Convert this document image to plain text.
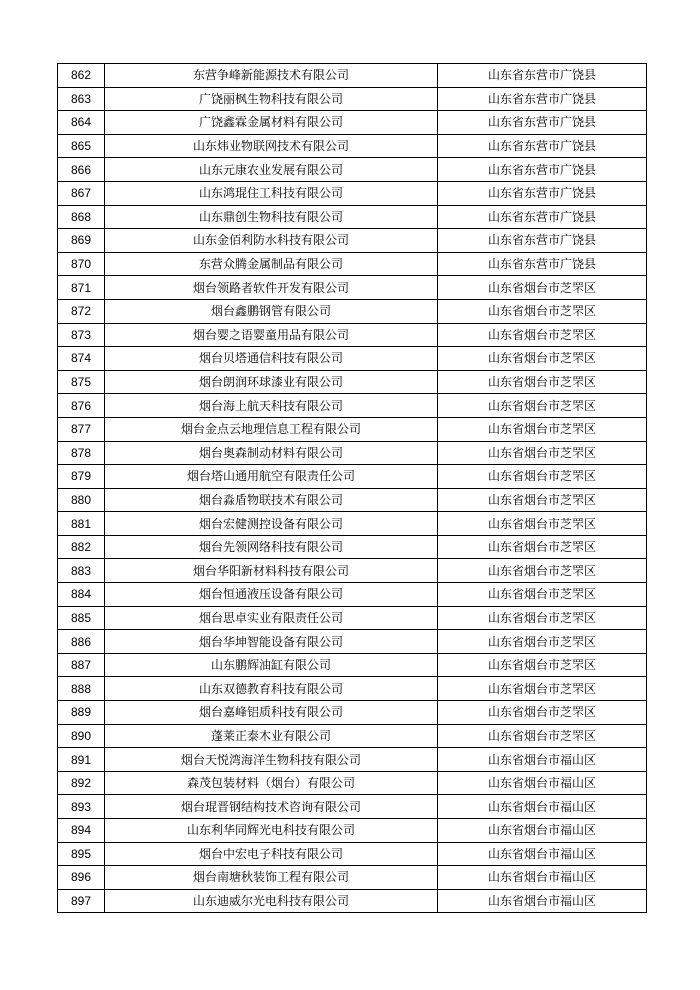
862	东营争峰新能源技术有限公司	山东省东营市广饶县
863	广饶丽枫生物科技有限公司	山东省东营市广饶县
864	广饶鑫霖金属材料有限公司	山东省东营市广饶县
865	山东炜业物联网技术有限公司	山东省东营市广饶县
866	山东元康农业发展有限公司	山东省东营市广饶县
867	山东鸿琨住工科技有限公司	山东省东营市广饶县
868	山东鼎创生物科技有限公司	山东省东营市广饶县
869	山东金佰利防水科技有限公司	山东省东营市广饶县
870	东营众腾金属制品有限公司	山东省东营市广饶县
871	烟台领路者软件开发有限公司	山东省烟台市芝罘区
872	烟台鑫鹏钢管有限公司	山东省烟台市芝罘区
873	烟台婴之语婴童用品有限公司	山东省烟台市芝罘区
874	烟台贝塔通信科技有限公司	山东省烟台市芝罘区
875	烟台朗润环球漆业有限公司	山东省烟台市芝罘区
876	烟台海上航天科技有限公司	山东省烟台市芝罘区
877	烟台金点云地理信息工程有限公司	山东省烟台市芝罘区
878	烟台奥森制动材料有限公司	山东省烟台市芝罘区
879	烟台塔山通用航空有限责任公司	山东省烟台市芝罘区
880	烟台淼盾物联技术有限公司	山东省烟台市芝罘区
881	烟台宏健测控设备有限公司	山东省烟台市芝罘区
882	烟台先领网络科技有限公司	山东省烟台市芝罘区
883	烟台华阳新材料科技有限公司	山东省烟台市芝罘区
884	烟台恒通液压设备有限公司	山东省烟台市芝罘区
885	烟台思卓实业有限责任公司	山东省烟台市芝罘区
886	烟台华坤智能设备有限公司	山东省烟台市芝罘区
887	山东鹏辉油缸有限公司	山东省烟台市芝罘区
888	山东双德教育科技有限公司	山东省烟台市芝罘区
889	烟台嘉峰铝质科技有限公司	山东省烟台市芝罘区
890	蓬莱正泰木业有限公司	山东省烟台市芝罘区
891	烟台天悦湾海洋生物科技有限公司	山东省烟台市福山区
892	森茂包装材料（烟台）有限公司	山东省烟台市福山区
893	烟台琨晋钢结构技术咨询有限公司	山东省烟台市福山区
894	山东利华同辉光电科技有限公司	山东省烟台市福山区
895	烟台中宏电子科技有限公司	山东省烟台市福山区
896	烟台南塘秋装饰工程有限公司	山东省烟台市福山区
897	山东迪威尔光电科技有限公司	山东省烟台市福山区
